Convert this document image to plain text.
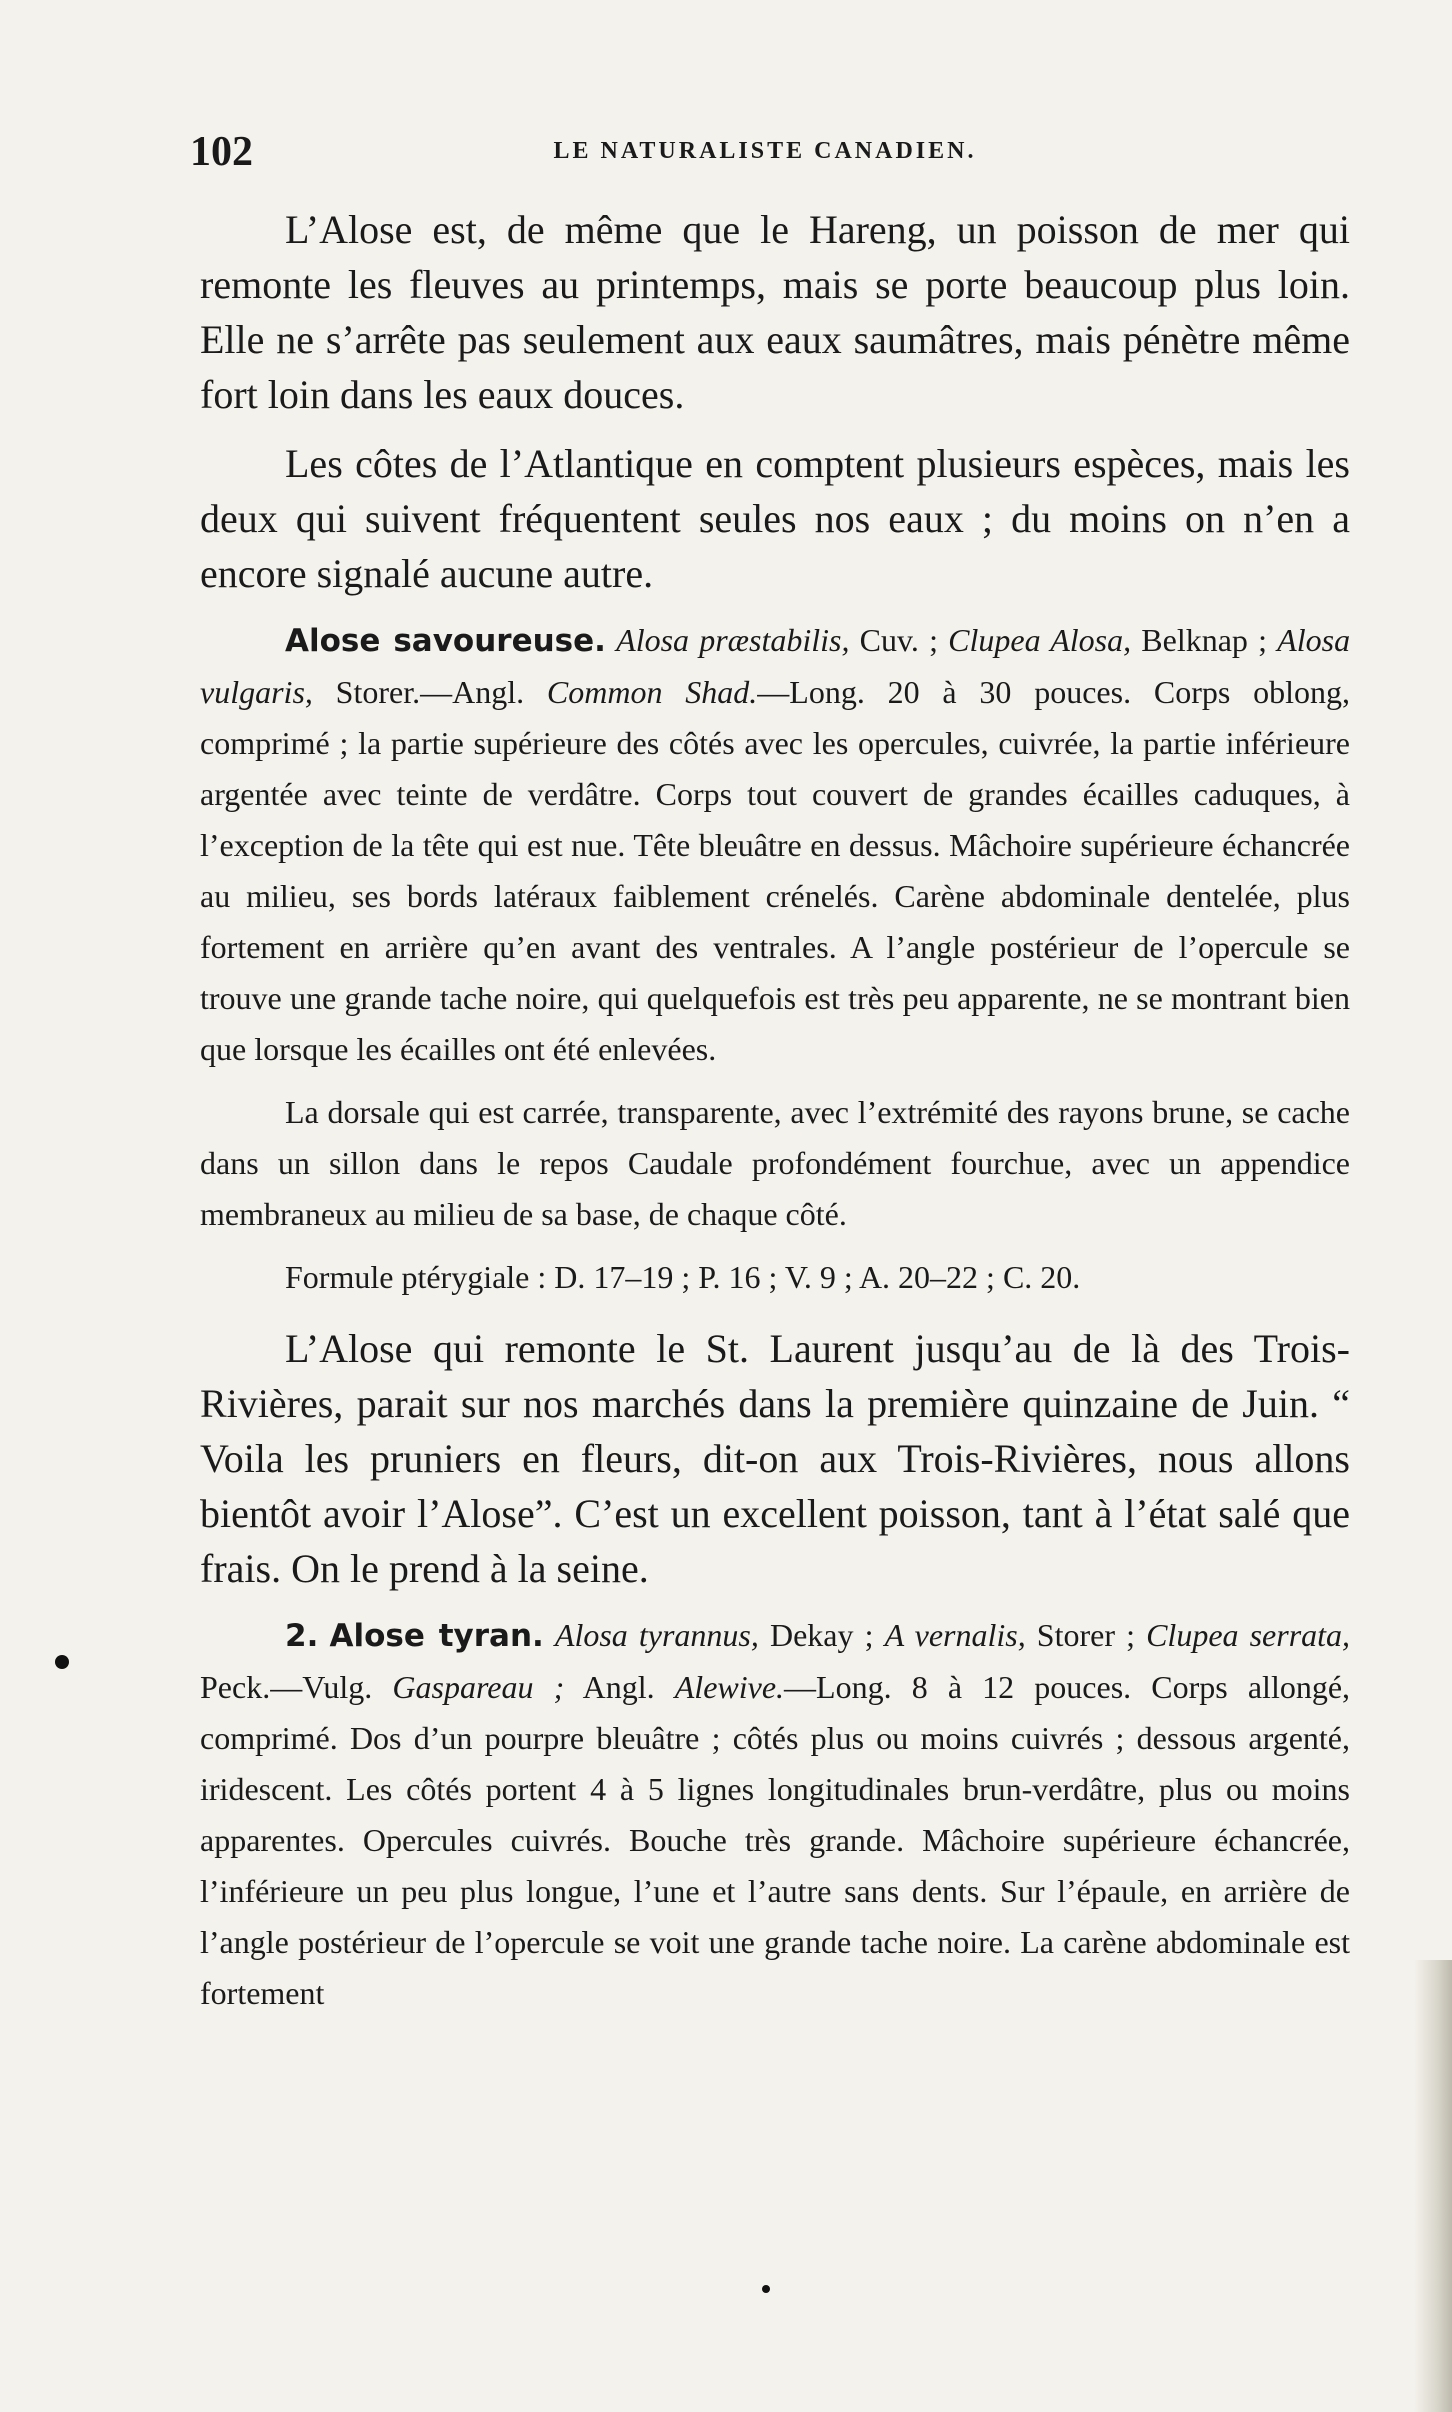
102	LE NATURALISTE CANADIEN.

L’Alose est, de même que le Hareng, un poisson de mer qui remonte les fleuves au printemps, mais se porte beaucoup plus loin. Elle ne s’arrête pas seulement aux eaux saumâtres, mais pénètre même fort loin dans les eaux douces.

Les côtes de l’Atlantique en comptent plusieurs espèces, mais les deux qui suivent fréquentent seules nos eaux ; du moins on n’en a encore signalé aucune autre.

Alose savoureuse. Alosa præstabilis, Cuv. ; Clupea Alosa, Belknap ; Alosa vulgaris, Storer.—Angl. Common Shad.—Long. 20 à 30 pouces. Corps oblong, comprimé ; la partie supérieure des côtés avec les opercules, cuivrée, la partie inférieure argentée avec teinte de verdâtre. Corps tout couvert de grandes écailles caduques, à l’exception de la tête qui est nue. Tête bleuâtre en dessus. Mâchoire supérieure échancrée au milieu, ses bords latéraux faiblement crénelés. Carène abdominale dentelée, plus fortement en arrière qu’en avant des ventrales. A l’angle postérieur de l’opercule se trouve une grande tache noire, qui quelquefois est très peu apparente, ne se montrant bien que lorsque les écailles ont été enlevées.

La dorsale qui est carrée, transparente, avec l’extrémité des rayons brune, se cache dans un sillon dans le repos Caudale profondément fourchue, avec un appendice membraneux au milieu de sa base, de chaque côté.

Formule ptérygiale : D. 17–19 ; P. 16 ; V. 9 ; A. 20–22 ; C. 20.

L’Alose qui remonte le St. Laurent jusqu’au de là des Trois-Rivières, parait sur nos marchés dans la première quinzaine de Juin. “ Voila les pruniers en fleurs, dit-on aux Trois-Rivières, nous allons bientôt avoir l’Alose”. C’est un excellent poisson, tant à l’état salé que frais. On le prend à la seine.

2. Alose tyran. Alosa tyrannus, Dekay ; A vernalis, Storer ; Clupea serrata, Peck.—Vulg. Gaspareau ; Angl. Alewive.—Long. 8 à 12 pouces. Corps allongé, comprimé. Dos d’un pourpre bleuâtre ; côtés plus ou moins cuivrés ; dessous argenté, iridescent. Les côtés portent 4 à 5 lignes longitudinales brun-verdâtre, plus ou moins apparentes. Opercules cuivrés. Bouche très grande. Mâchoire supérieure échancrée, l’inférieure un peu plus longue, l’une et l’autre sans dents. Sur l’épaule, en arrière de l’angle postérieur de l’opercule se voit une grande tache noire. La carène abdominale est fortement
